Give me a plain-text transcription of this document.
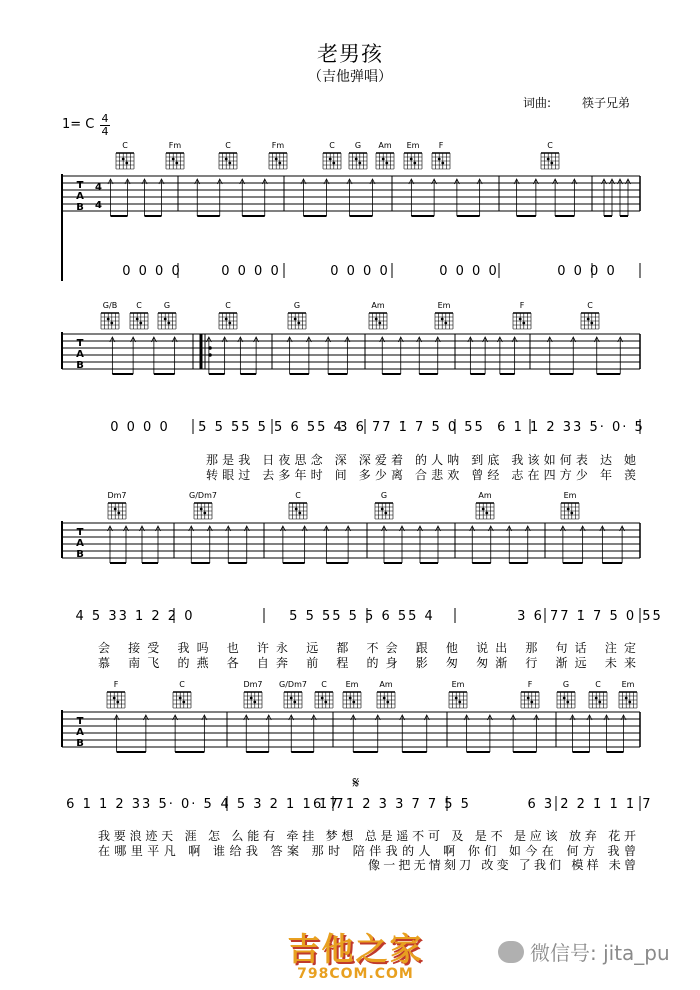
老男孩
（吉他弹唱）
词曲:	筷子兄弟
1= C 4
4
T
A
B
4
4
C	Fm	C	Fm	C	G Am Em F	C
0 0 0 0	0 0 0 0	0 0 0 0	0 0 0 0	0 0 0 0
T
A
B
G/B C	G	C	G	Am	Em	F	C
0 0 0 0 5 5 55 5 5 6 55 4
3 6 77 1̇ 7 5 0 55 6 1 1 2 33 5· 0· 5
那是我 日夜思念 深 深爱着 的人呐 到底 我该如何表 达 她
转眼过 去多年时 间 多少离 合悲欢 曾经 志在四方少 年 羡
T
A
B
Dm7	G/Dm7	C	G	Am	Em
4 5 33 1 2 2 0	5 5 55 5 5 6 55 4	3 6 77 1̇ 7 5 0 55
会 接受 我吗 也 许永 远 都 不会 跟 他 说出 那 句话 注定
慕 南飞 的燕 各 自奔 前 程 的身 影 匆 匆渐 行 渐远 未来
T
A
B
F	C	Dm7 G/Dm7 C Em	Am	Em	F	G	C	Em
6 1 1 2 33 5· 0· 5 4 5 3 2 1 1 1̇ 7
6 7 1̇ 2̇ 3̇ 3 7 7 5 5	6 3̇ 2̇ 2̇ 1̇ 1̇ 1̇ 7
我要浪迹天 涯 怎 么能有 牵挂 梦想 总是遥不可 及 是不 是应该 放弃 花开
在哪里平凡 啊 谁给我 答案 那时 陪伴我的人 啊 你们 如今在 何方 我曾
像一把无情刻刀 改变 了我们 模样 未曾
𝄋
吉他之家
798COM.COM
微信号: jita_pu
